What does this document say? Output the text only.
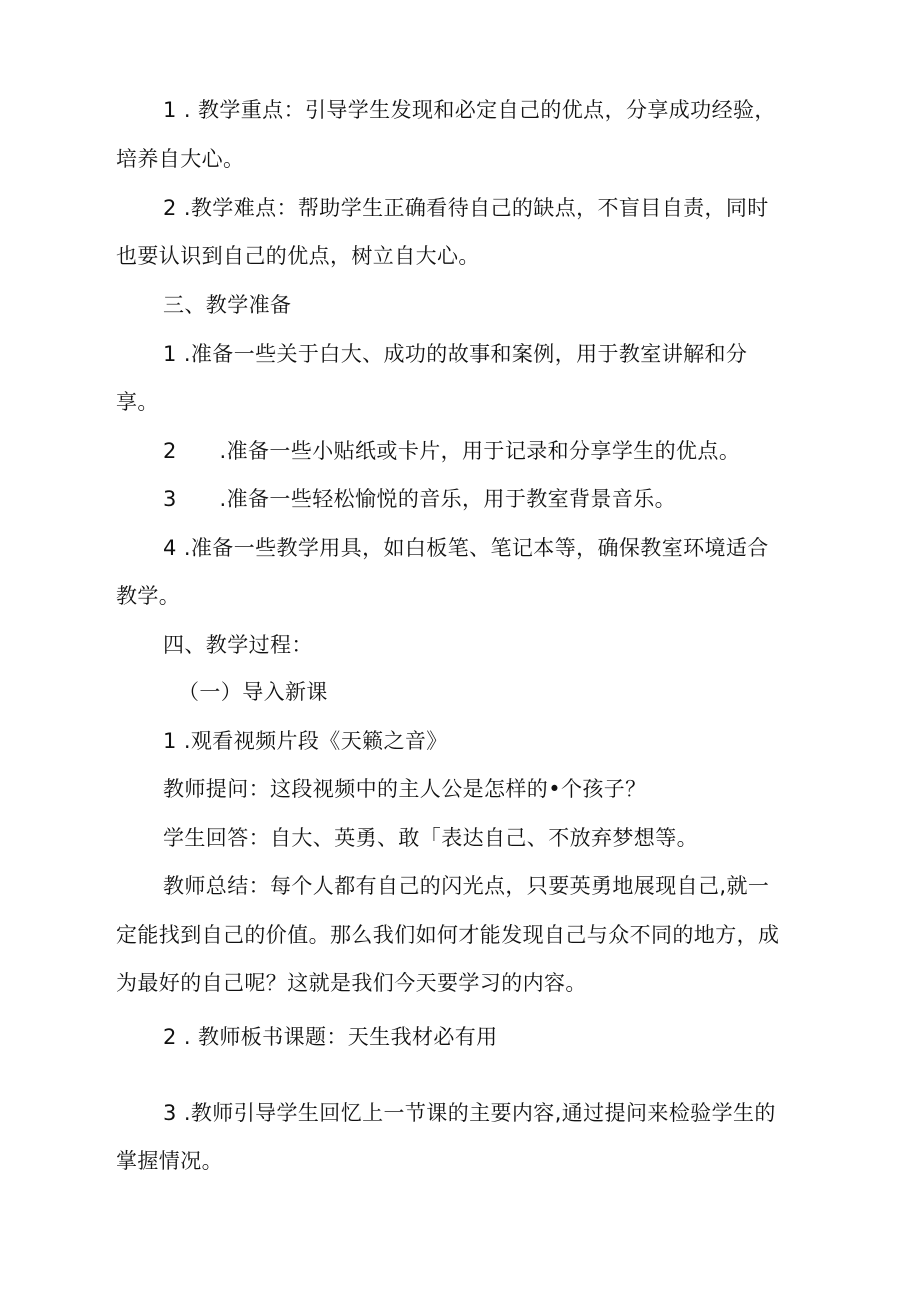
1 . 教学重点：引导学生发现和必定自己的优点，分享成功经验，
培养自大心。
2 .教学难点：帮助学生正确看待自己的缺点，不盲目自责，同时
也要认识到自己的优点，树立自大心。
三、教学准备
1 .准备一些关于白大、成功的故事和案例，用于教室讲解和分
享。
2　　.准备一些小贴纸或卡片，用于记录和分享学生的优点。
3　　.准备一些轻松愉悦的音乐，用于教室背景音乐。
4 .准备一些教学用具，如白板笔、笔记本等，确保教室环境适合
教学。
四、教学过程：
（一）导入新课
1 .观看视频片段《天籁之音》
教师提问：这段视频中的主人公是怎样的•个孩子？
学生回答：自大、英勇、敢「表达自己、不放弃梦想等。
教师总结：每个人都有自己的闪光点，只要英勇地展现自己,就一
定能找到自己的价值。那么我们如何才能发现自己与众不同的地方，成
为最好的自己呢？这就是我们今天要学习的内容。
2 . 教师板书课题：天生我材必有用
3 .教师引导学生回忆上一节课的主要内容,通过提问来检验学生的
掌握情况。
